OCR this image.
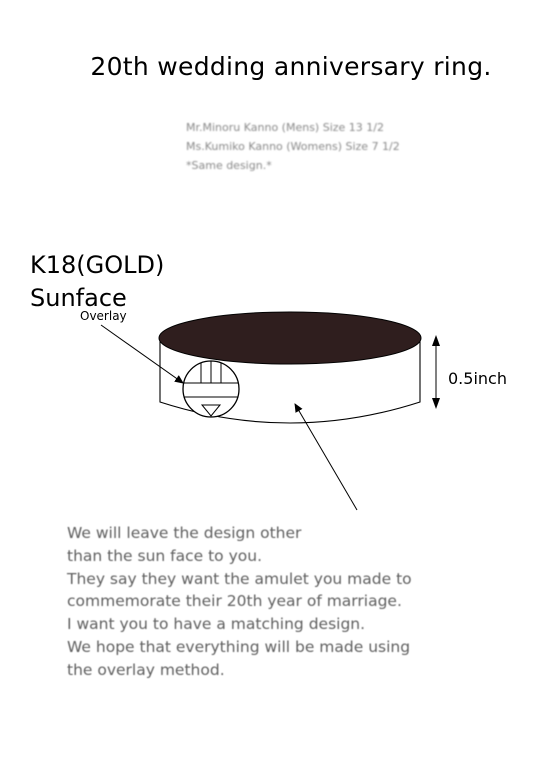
20th wedding anniversary ring.
Mr.Minoru Kanno (Mens) Size 13 1/2
Ms.Kumiko Kanno (Womens) Size 7 1/2
*Same design.*
K18(GOLD)
Sunface
Overlay
0.5inch
We will leave the design other
than the sun face to you.
They say they want the amulet you made to
commemorate their 20th year of marriage.
I want you to have a matching design.
We hope that everything will be made using
the overlay method.
